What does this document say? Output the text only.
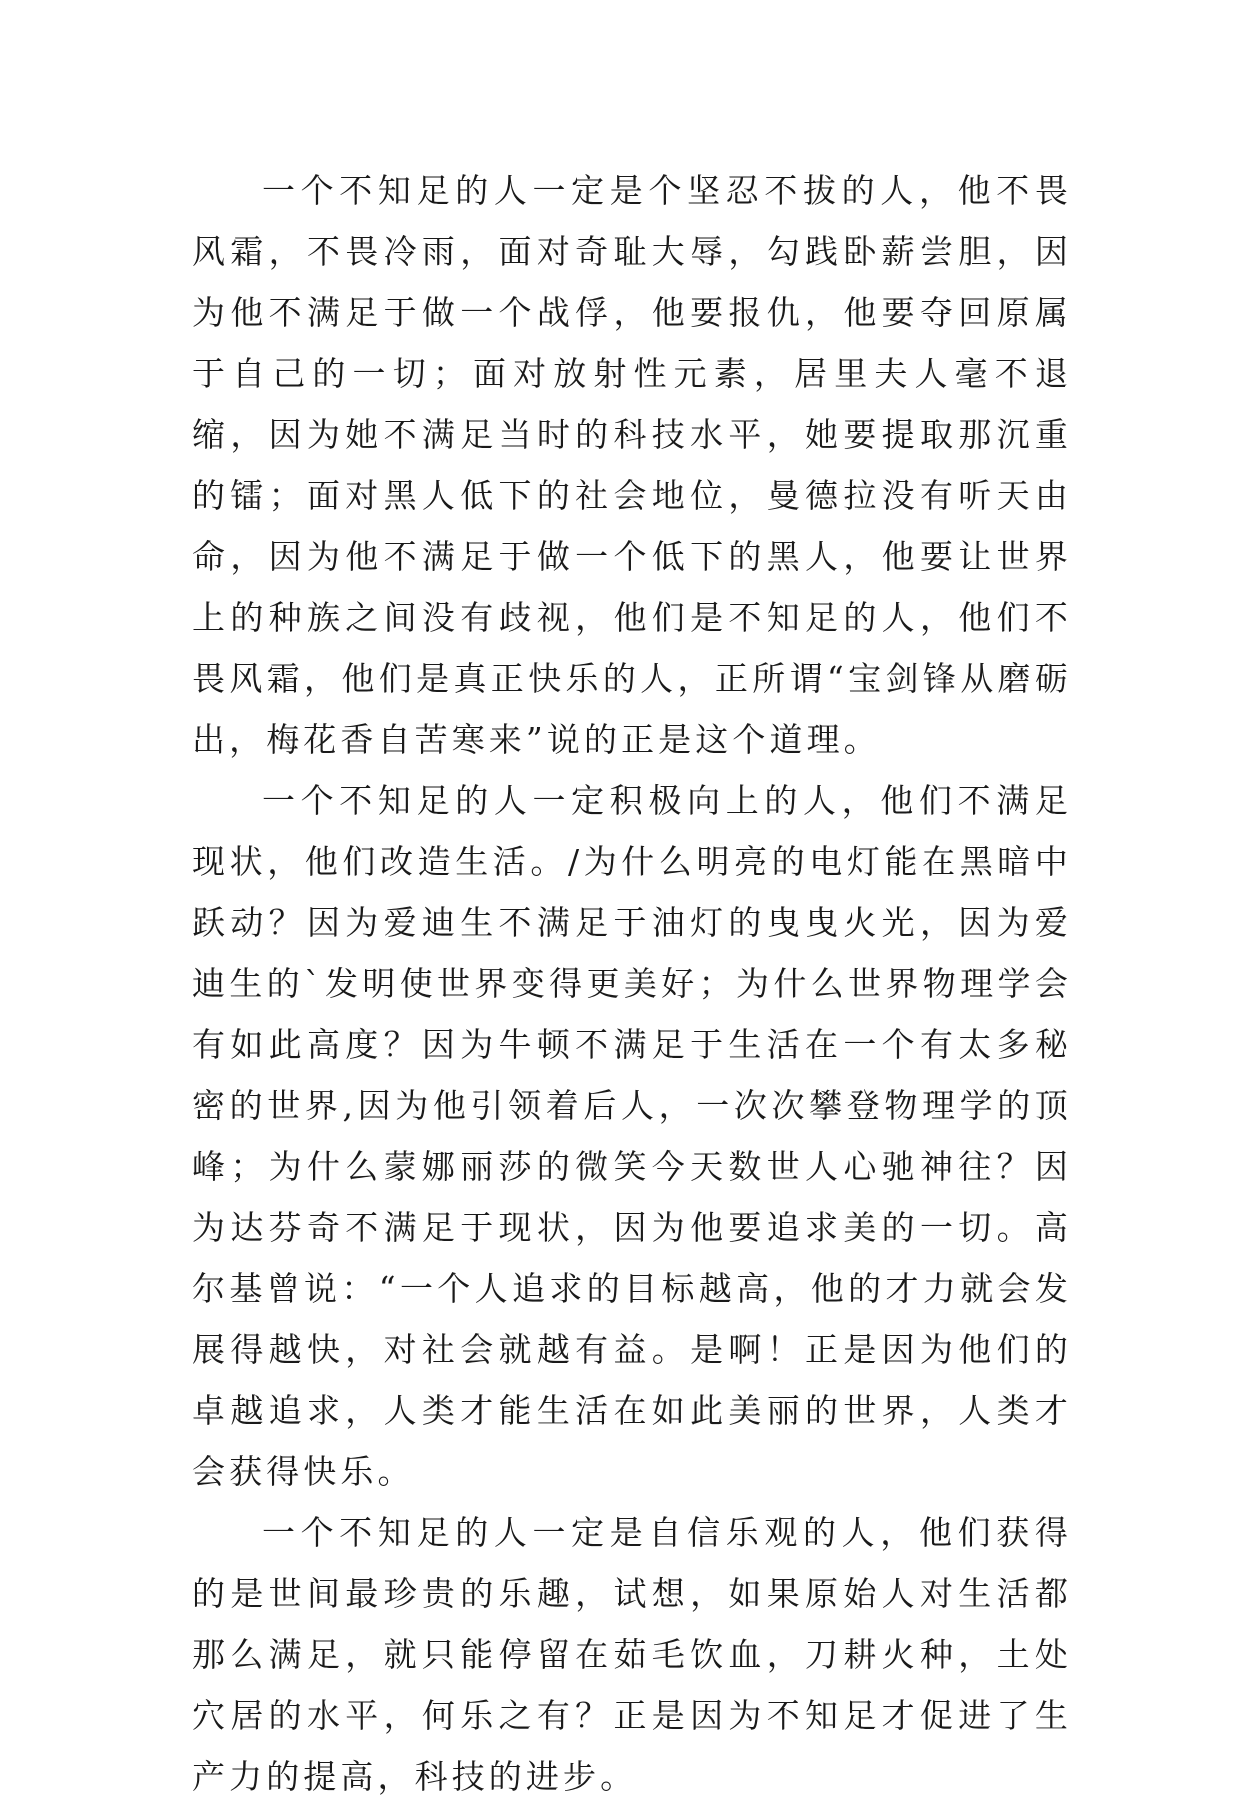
一个不知足的人一定是个坚忍不拔的人，他不畏风霜，不畏冷雨，面对奇耻大辱，勾践卧薪尝胆，因为他不满足于做一个战俘，他要报仇，他要夺回原属于自己的一切；面对放射性元素，居里夫人毫不退缩，因为她不满足当时的科技水平，她要提取那沉重的镭；面对黑人低下的社会地位，曼德拉没有听天由命，因为他不满足于做一个低下的黑人，他要让世界上的种族之间没有歧视，他们是不知足的人，他们不畏风霜，他们是真正快乐的人，正所谓“宝剑锋从磨砺出，梅花香自苦寒来”说的正是这个道理。

一个不知足的人一定积极向上的人，他们不满足现状，他们改造生活。/为什么明亮的电灯能在黑暗中跃动？因为爱迪生不满足于油灯的曳曳火光，因为爱迪生的`发明使世界变得更美好；为什么世界物理学会有如此高度？因为牛顿不满足于生活在一个有太多秘密的世界,因为他引领着后人，一次次攀登物理学的顶峰；为什么蒙娜丽莎的微笑今天数世人心驰神往？因为达芬奇不满足于现状，因为他要追求美的一切。高尔基曾说：“一个人追求的目标越高，他的才力就会发展得越快，对社会就越有益。是啊！正是因为他们的卓越追求，人类才能生活在如此美丽的世界，人类才会获得快乐。

一个不知足的人一定是自信乐观的人，他们获得的是世间最珍贵的乐趣，试想，如果原始人对生活都那么满足，就只能停留在茹毛饮血，刀耕火种，土处穴居的水平，何乐之有？正是因为不知足才促进了生产力的提高，科技的进步。
